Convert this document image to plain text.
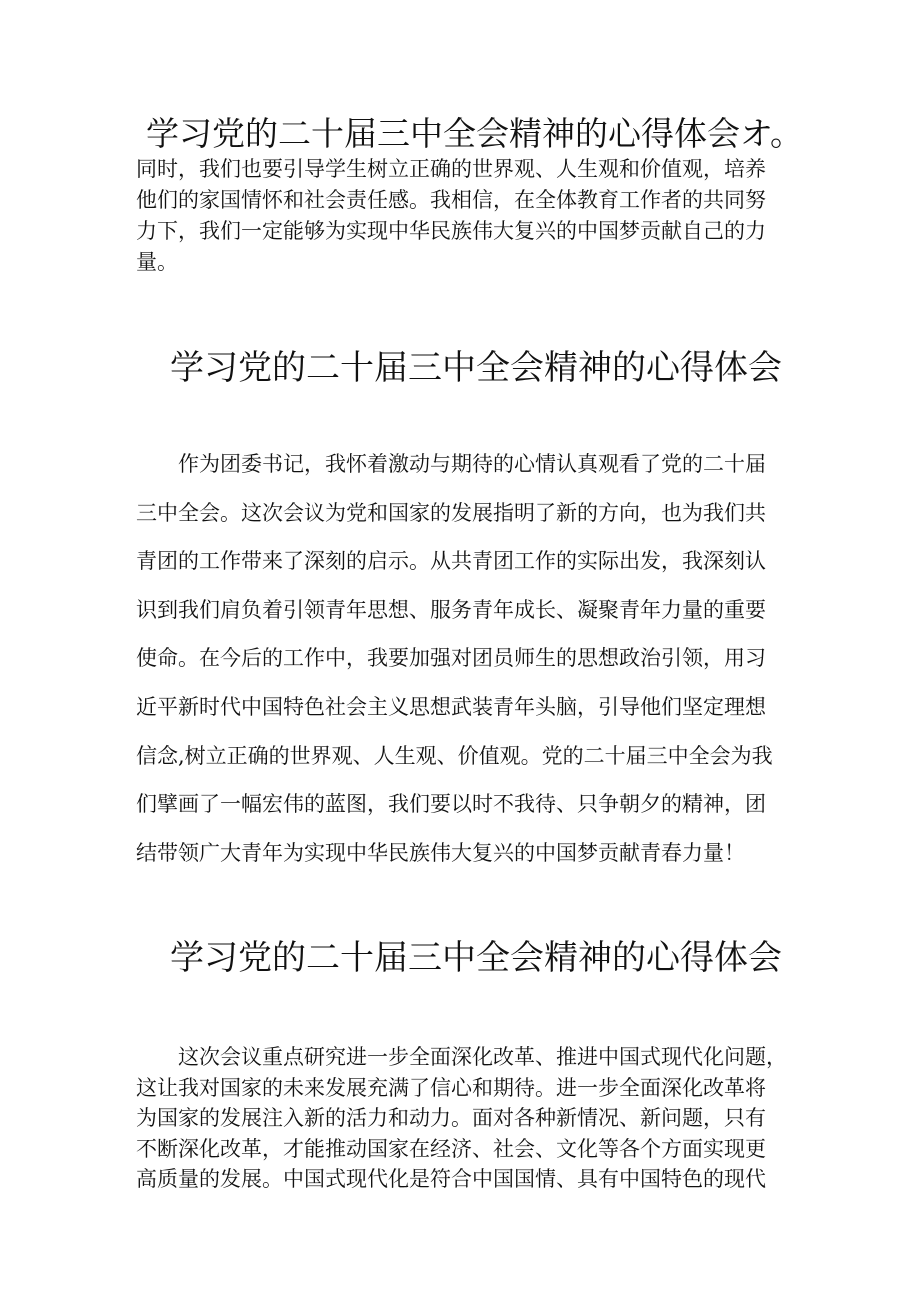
学习党的二十届三中全会精神的心得体会オ。
同时，我们也要引导学生树立正确的世界观、人生观和价值观，培养
他们的家国情怀和社会责任感。我相信，在全体教育工作者的共同努
力下，我们一定能够为实现中华民族伟大复兴的中国梦贡献自己的力
量。
学习党的二十届三中全会精神的心得体会
　　作为团委书记，我怀着激动与期待的心情认真观看了党的二十届
三中全会。这次会议为党和国家的发展指明了新的方向，也为我们共
青团的工作带来了深刻的启示。从共青团工作的实际出发，我深刻认
识到我们肩负着引领青年思想、服务青年成长、凝聚青年力量的重要
使命。在今后的工作中，我要加强对团员师生的思想政治引领，用习
近平新时代中国特色社会主义思想武装青年头脑，引导他们坚定理想
信念,树立正确的世界观、人生观、价值观。党的二十届三中全会为我
们擘画了一幅宏伟的蓝图，我们要以时不我待、只争朝夕的精神，团
结带领广大青年为实现中华民族伟大复兴的中国梦贡献青春力量！
学习党的二十届三中全会精神的心得体会
　　这次会议重点研究进一步全面深化改革、推进中国式现代化问题，
这让我对国家的未来发展充满了信心和期待。进一步全面深化改革将
为国家的发展注入新的活力和动力。面对各种新情况、新问题，只有
不断深化改革，才能推动国家在经济、社会、文化等各个方面实现更
高质量的发展。中国式现代化是符合中国国情、具有中国特色的现代
